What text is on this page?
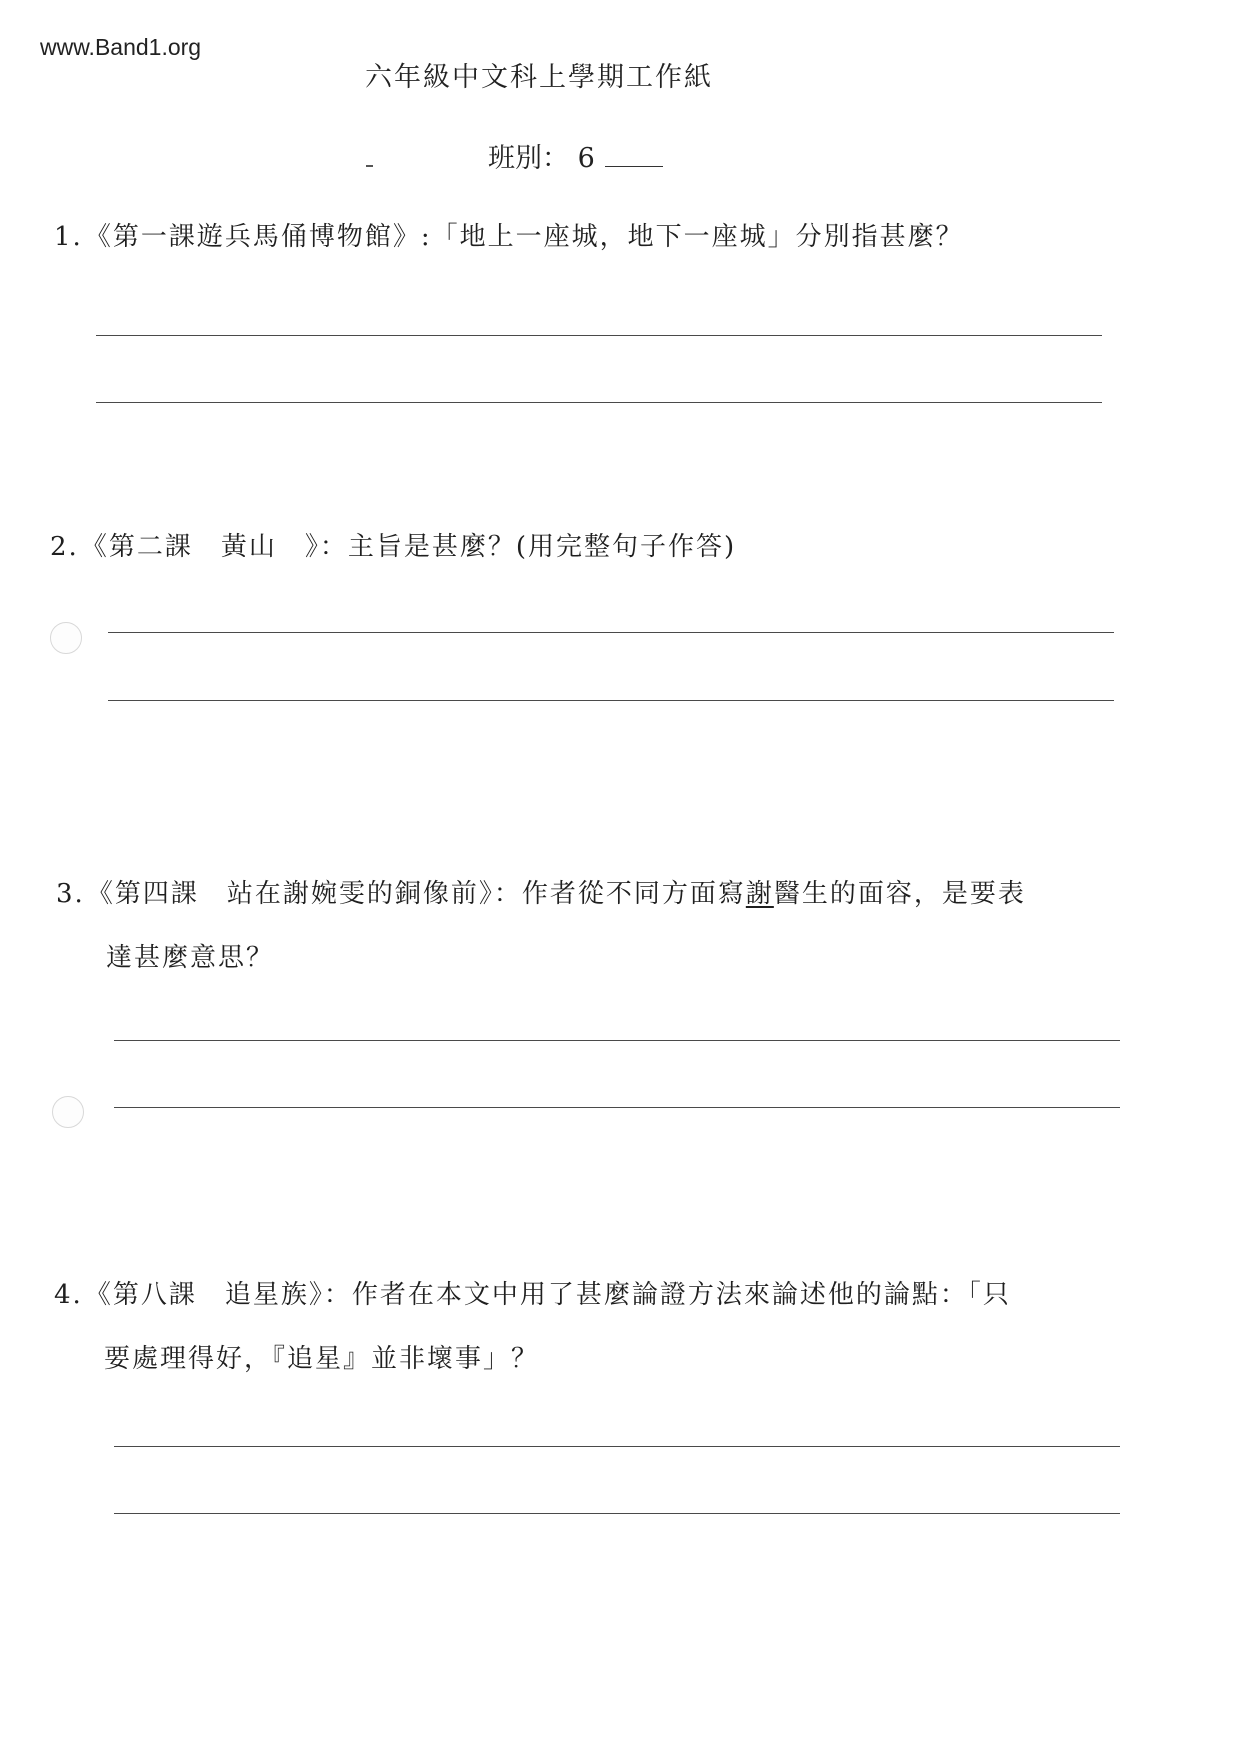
www.Band1.org
六年級中文科上學期工作紙
班別： 6
1.《第一課遊兵馬俑博物館》:「地上一座城，地下一座城」分別指甚麼？
2.《第二課　黃山　》：主旨是甚麼？(用完整句子作答)
3.《第四課　站在謝婉雯的銅像前》：作者從不同方面寫謝醫生的面容，是要表
達甚麼意思？
4.《第八課　追星族》：作者在本文中用了甚麼論證方法來論述他的論點：「只
要處理得好，『追星』並非壞事」？
